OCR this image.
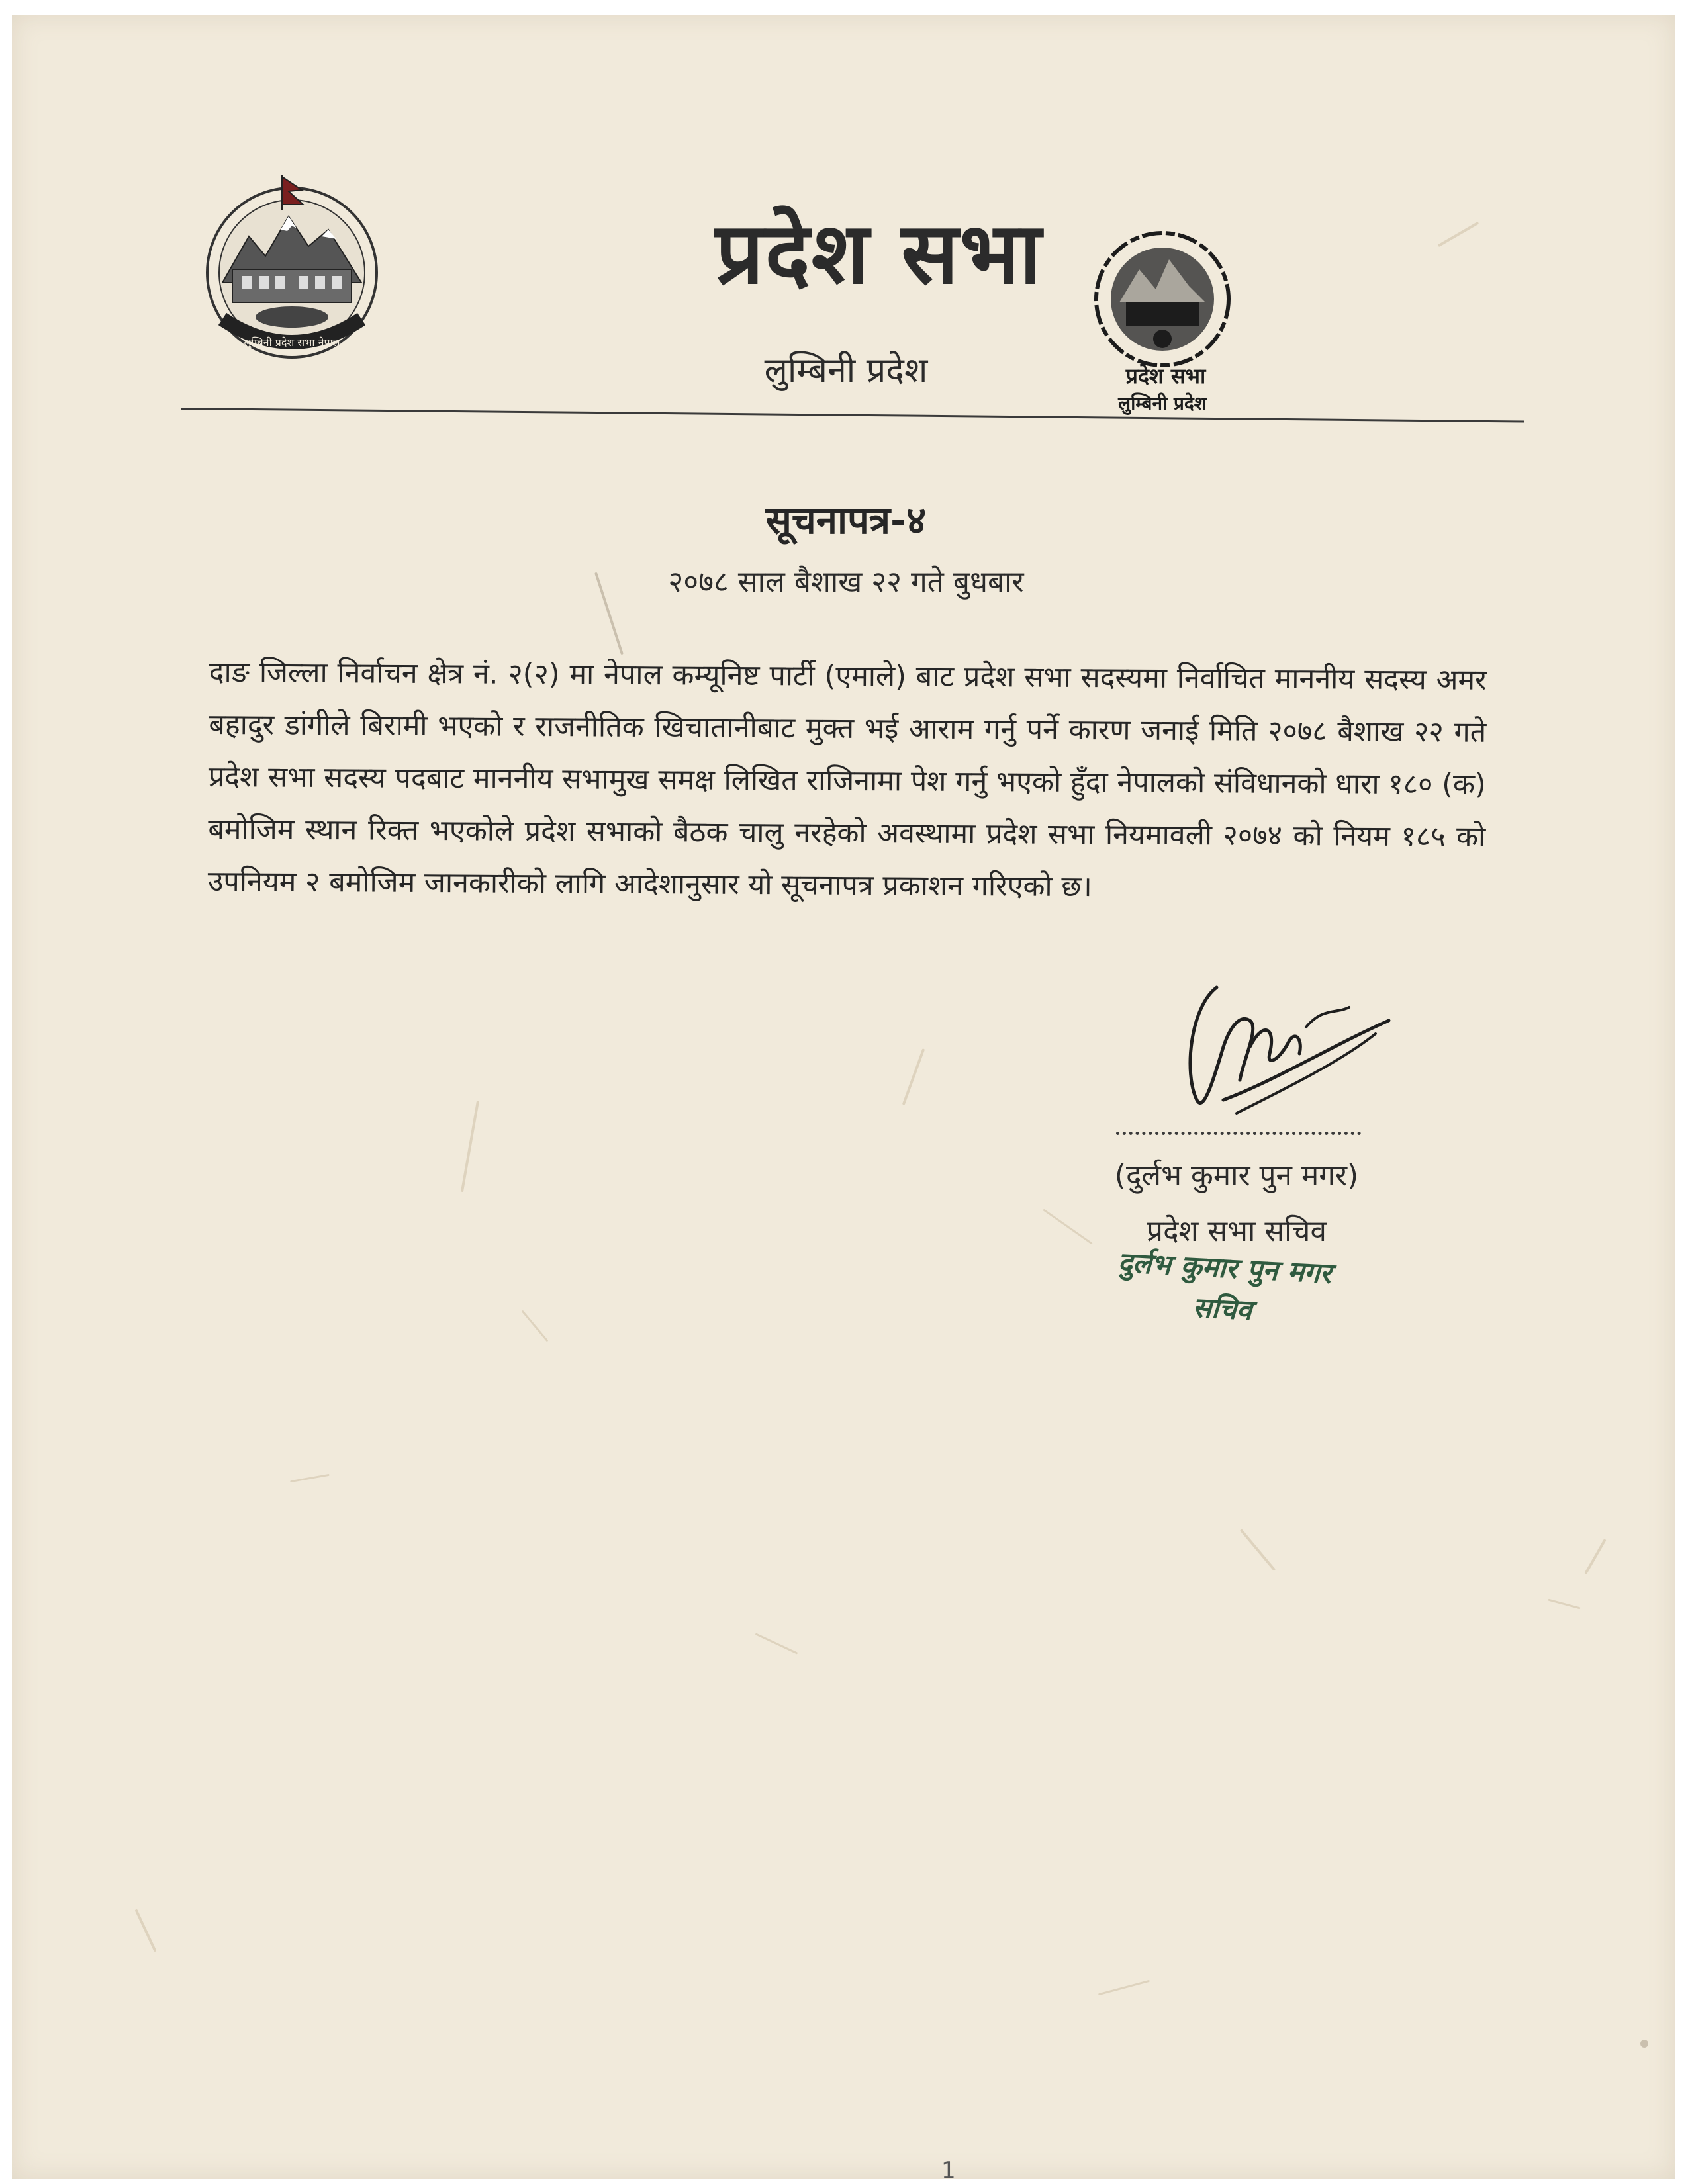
लुम्बिनी प्रदेश सभा नेपाल
प्रदेश सभा
लुम्बिनी प्रदेश	प्रदेश सभा
लुम्बिनी प्रदेश
सूचनापत्र-४
२०७८ साल बैशाख २२ गते बुधबार
दाङ जिल्ला निर्वाचन क्षेत्र नं. २(२) मा नेपाल कम्यूनिष्ट पार्टी (एमाले) बाट प्रदेश सभा सदस्यमा निर्वाचित माननीय सदस्य अमर बहादुर डांगीले बिरामी भएको र राजनीतिक खिचातानीबाट मुक्त भई आराम गर्नु पर्ने कारण जनाई मिति २०७८ बैशाख २२ गते प्रदेश सभा सदस्य पदबाट माननीय सभामुख समक्ष लिखित राजिनामा पेश गर्नु भएको हुँदा नेपालको संविधानको धारा १८० (क) बमोजिम स्थान रिक्त भएकोले प्रदेश सभाको बैठक चालु नरहेको अवस्थामा प्रदेश सभा नियमावली २०७४ को नियम १८५ को उपनियम २ बमोजिम जानकारीको लागि आदेशानुसार यो सूचनापत्र प्रकाशन गरिएको छ।
(दुर्लभ कुमार पुन मगर)
प्रदेश सभा सचिव
दुर्लभ कुमार पुन मगर
सचिव
1
